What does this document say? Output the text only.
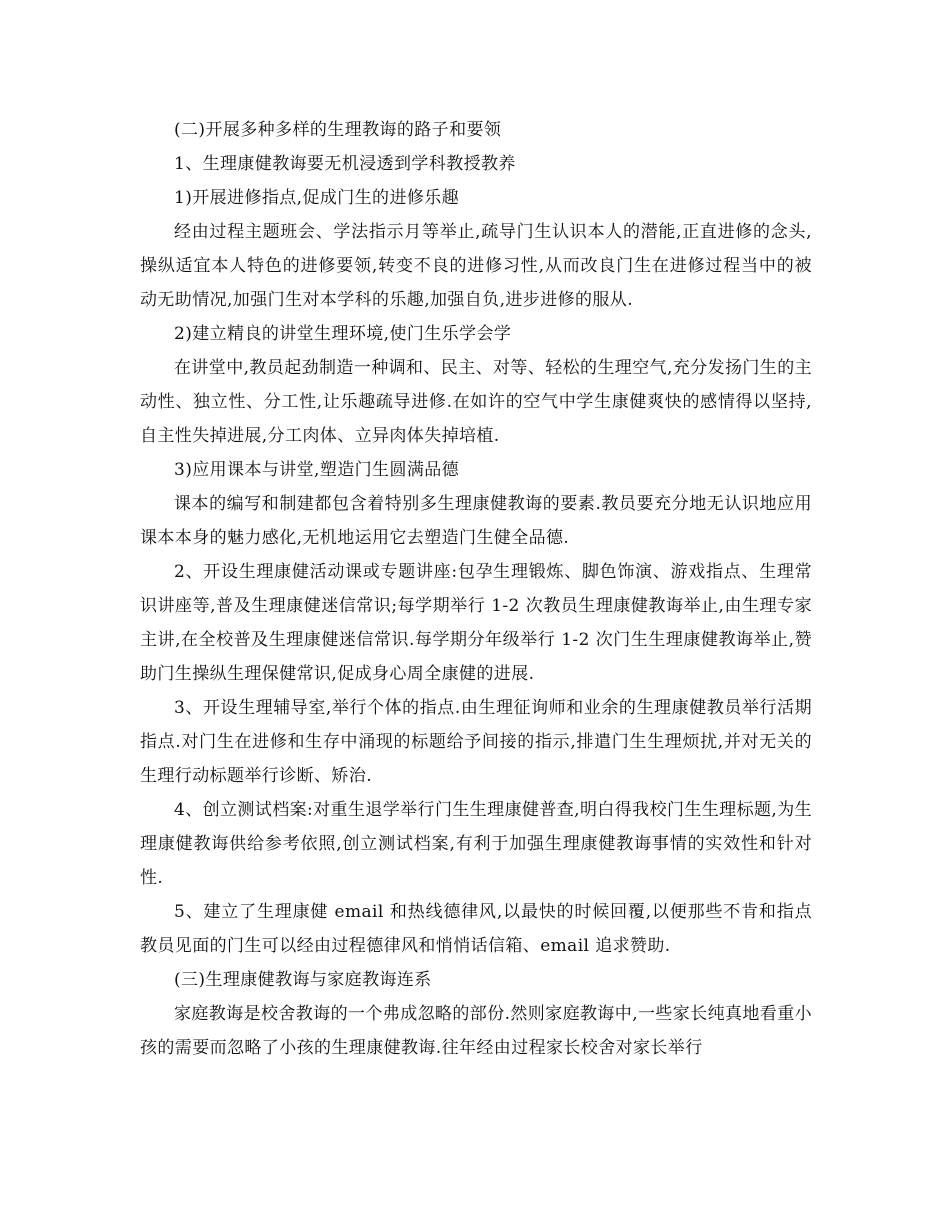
(二)开展多种多样的生理教诲的路子和要领

1、生理康健教诲要无机浸透到学科教授教养

1)开展进修指点,促成门生的进修乐趣

经由过程主题班会、学法指示月等举止,疏导门生认识本人的潜能,正直进修的念头,操纵适宜本人特色的进修要领,转变不良的进修习性,从而改良门生在进修过程当中的被动无助情况,加强门生对本学科的乐趣,加强自负,进步进修的服从.

2)建立精良的讲堂生理环境,使门生乐学会学

在讲堂中,教员起劲制造一种调和、民主、对等、轻松的生理空气,充分发扬门生的主动性、独立性、分工性,让乐趣疏导进修.在如许的空气中学生康健爽快的感情得以坚持,自主性失掉进展,分工肉体、立异肉体失掉培植.

3)应用课本与讲堂,塑造门生圆满品德

课本的编写和制建都包含着特别多生理康健教诲的要素.教员要充分地无认识地应用课本本身的魅力感化,无机地运用它去塑造门生健全品德.

2、开设生理康健活动课或专题讲座:包孕生理锻炼、脚色饰演、游戏指点、生理常识讲座等,普及生理康健迷信常识;每学期举行 1-2 次教员生理康健教诲举止,由生理专家主讲,在全校普及生理康健迷信常识.每学期分年级举行 1-2 次门生生理康健教诲举止,赞助门生操纵生理保健常识,促成身心周全康健的进展.

3、开设生理辅导室,举行个体的指点.由生理征询师和业余的生理康健教员举行活期指点.对门生在进修和生存中涌现的标题给予间接的指示,排遣门生生理烦扰,并对无关的生理行动标题举行诊断、矫治.

4、创立测试档案:对重生退学举行门生生理康健普查,明白得我校门生生理标题,为生理康健教诲供给参考依照,创立测试档案,有利于加强生理康健教诲事情的实效性和针对性.

5、建立了生理康健 email 和热线德律风,以最快的时候回覆,以便那些不肯和指点教员见面的门生可以经由过程德律风和悄悄话信箱、email 追求赞助.

(三)生理康健教诲与家庭教诲连系

家庭教诲是校舍教诲的一个弗成忽略的部份.然则家庭教诲中,一些家长纯真地看重小孩的需要而忽略了小孩的生理康健教诲.往年经由过程家长校舍对家长举行
